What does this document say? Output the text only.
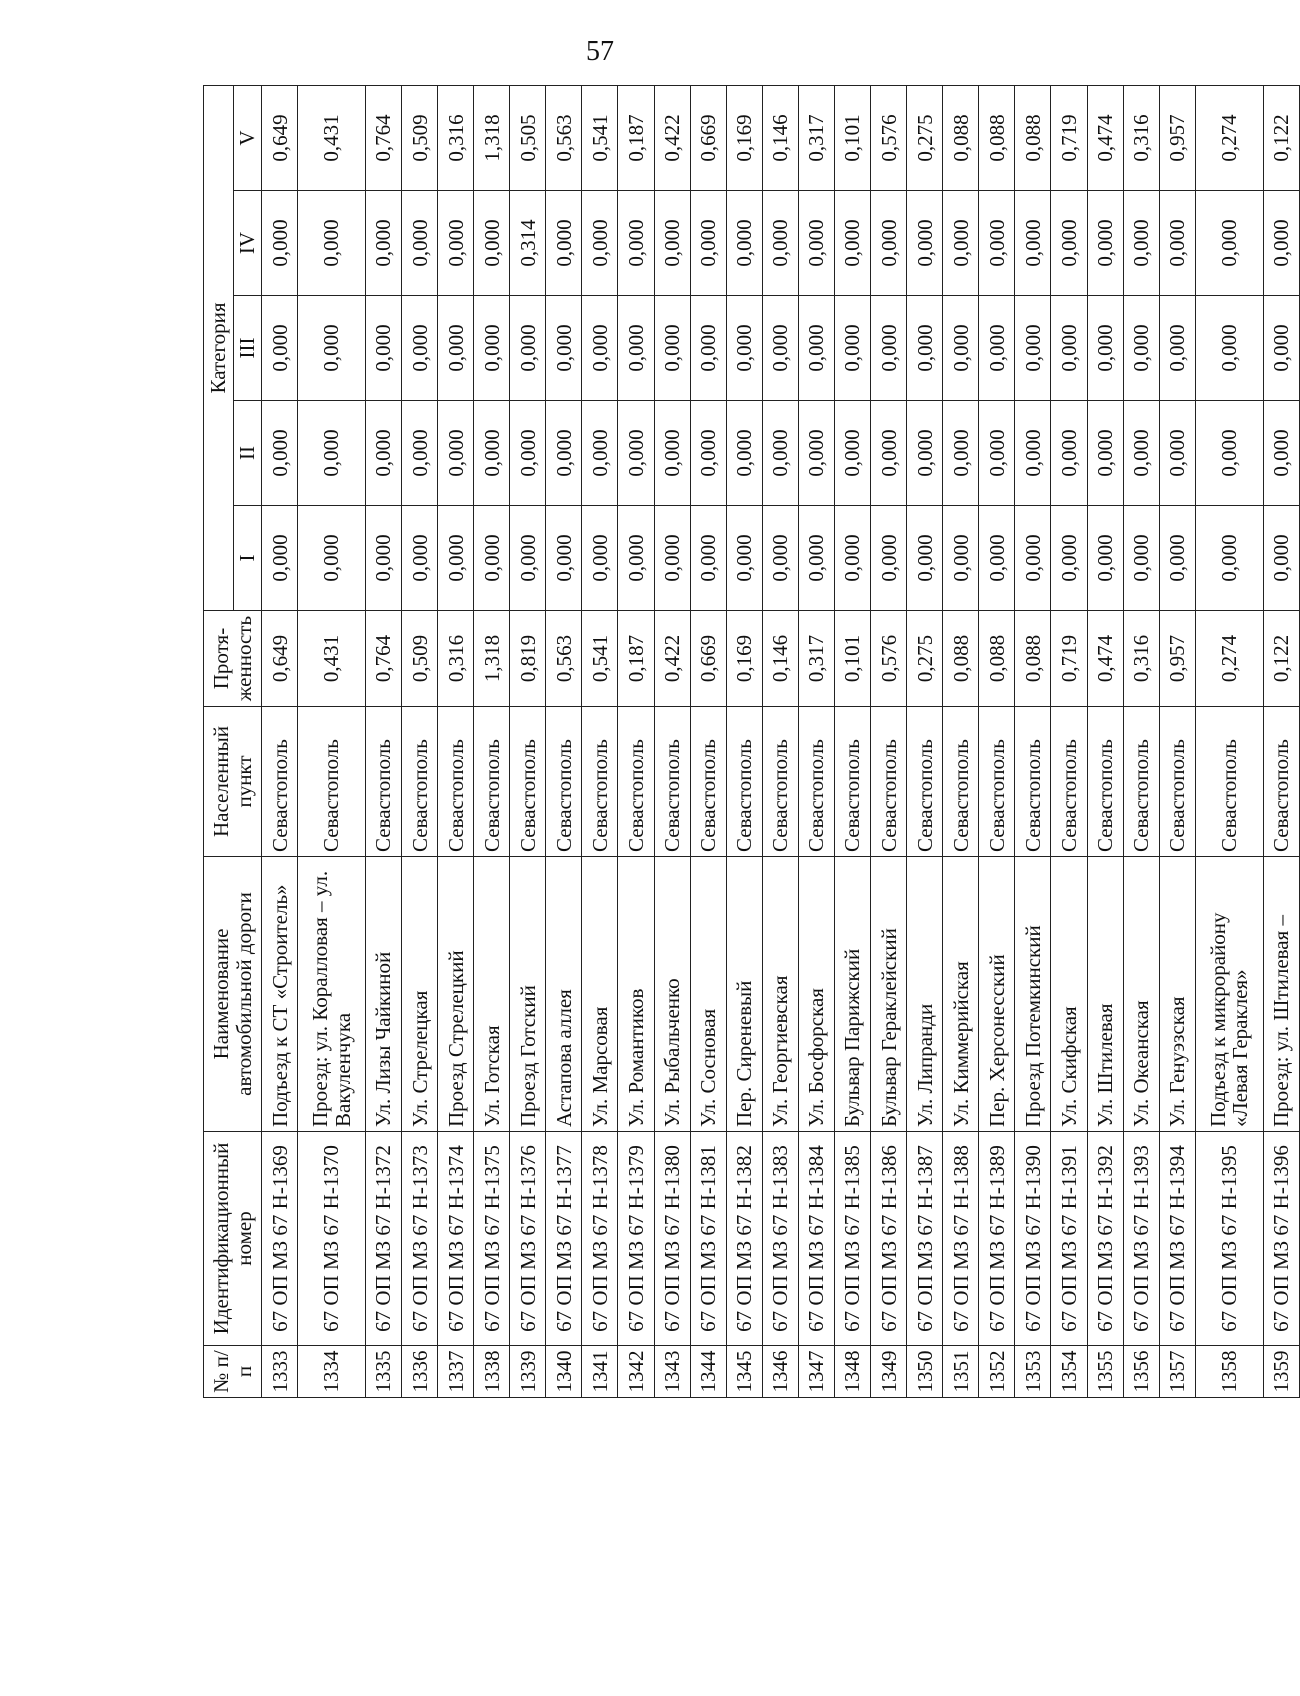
57
№ п/п	Идентификационный номер	Наименование автомобильной дороги	Населенный пункт	Протя-женность	Категория				
					I	II	III	IV	V
1333	67 ОП МЗ 67 Н-1369	Подъезд к СТ «Строитель»	Севастополь	0,649	0,000	0,000	0,000	0,000	0,649
1334	67 ОП МЗ 67 Н-1370	Проезд: ул. Коралловая – ул. Вакуленчука	Севастополь	0,431	0,000	0,000	0,000	0,000	0,431
1335	67 ОП МЗ 67 Н-1372	Ул. Лизы Чайкиной	Севастополь	0,764	0,000	0,000	0,000	0,000	0,764
1336	67 ОП МЗ 67 Н-1373	Ул. Стрелецкая	Севастополь	0,509	0,000	0,000	0,000	0,000	0,509
1337	67 ОП МЗ 67 Н-1374	Проезд Стрелецкий	Севастополь	0,316	0,000	0,000	0,000	0,000	0,316
1338	67 ОП МЗ 67 Н-1375	Ул. Готская	Севастополь	1,318	0,000	0,000	0,000	0,000	1,318
1339	67 ОП МЗ 67 Н-1376	Проезд Готский	Севастополь	0,819	0,000	0,000	0,000	0,314	0,505
1340	67 ОП МЗ 67 Н-1377	Астапова аллея	Севастополь	0,563	0,000	0,000	0,000	0,000	0,563
1341	67 ОП МЗ 67 Н-1378	Ул. Марсовая	Севастополь	0,541	0,000	0,000	0,000	0,000	0,541
1342	67 ОП МЗ 67 Н-1379	Ул. Романтиков	Севастополь	0,187	0,000	0,000	0,000	0,000	0,187
1343	67 ОП МЗ 67 Н-1380	Ул. Рыбальченко	Севастополь	0,422	0,000	0,000	0,000	0,000	0,422
1344	67 ОП МЗ 67 Н-1381	Ул. Сосновая	Севастополь	0,669	0,000	0,000	0,000	0,000	0,669
1345	67 ОП МЗ 67 Н-1382	Пер. Сиреневый	Севастополь	0,169	0,000	0,000	0,000	0,000	0,169
1346	67 ОП МЗ 67 Н-1383	Ул. Георгиевская	Севастополь	0,146	0,000	0,000	0,000	0,000	0,146
1347	67 ОП МЗ 67 Н-1384	Ул. Босфорская	Севастополь	0,317	0,000	0,000	0,000	0,000	0,317
1348	67 ОП МЗ 67 Н-1385	Бульвар Парижский	Севастополь	0,101	0,000	0,000	0,000	0,000	0,101
1349	67 ОП МЗ 67 Н-1386	Бульвар Гераклейский	Севастополь	0,576	0,000	0,000	0,000	0,000	0,576
1350	67 ОП МЗ 67 Н-1387	Ул. Липранди	Севастополь	0,275	0,000	0,000	0,000	0,000	0,275
1351	67 ОП МЗ 67 Н-1388	Ул. Киммерийская	Севастополь	0,088	0,000	0,000	0,000	0,000	0,088
1352	67 ОП МЗ 67 Н-1389	Пер. Херсонесский	Севастополь	0,088	0,000	0,000	0,000	0,000	0,088
1353	67 ОП МЗ 67 Н-1390	Проезд Потемкинский	Севастополь	0,088	0,000	0,000	0,000	0,000	0,088
1354	67 ОП МЗ 67 Н-1391	Ул. Скифская	Севастополь	0,719	0,000	0,000	0,000	0,000	0,719
1355	67 ОП МЗ 67 Н-1392	Ул. Штилевая	Севастополь	0,474	0,000	0,000	0,000	0,000	0,474
1356	67 ОП МЗ 67 Н-1393	Ул. Океанская	Севастополь	0,316	0,000	0,000	0,000	0,000	0,316
1357	67 ОП МЗ 67 Н-1394	Ул. Генуэзская	Севастополь	0,957	0,000	0,000	0,000	0,000	0,957
1358	67 ОП МЗ 67 Н-1395	Подъезд к микрорайону «Левая Гераклея»	Севастополь	0,274	0,000	0,000	0,000	0,000	0,274
1359	67 ОП МЗ 67 Н-1396	Проезд: ул. Штилевая –	Севастополь	0,122	0,000	0,000	0,000	0,000	0,122
